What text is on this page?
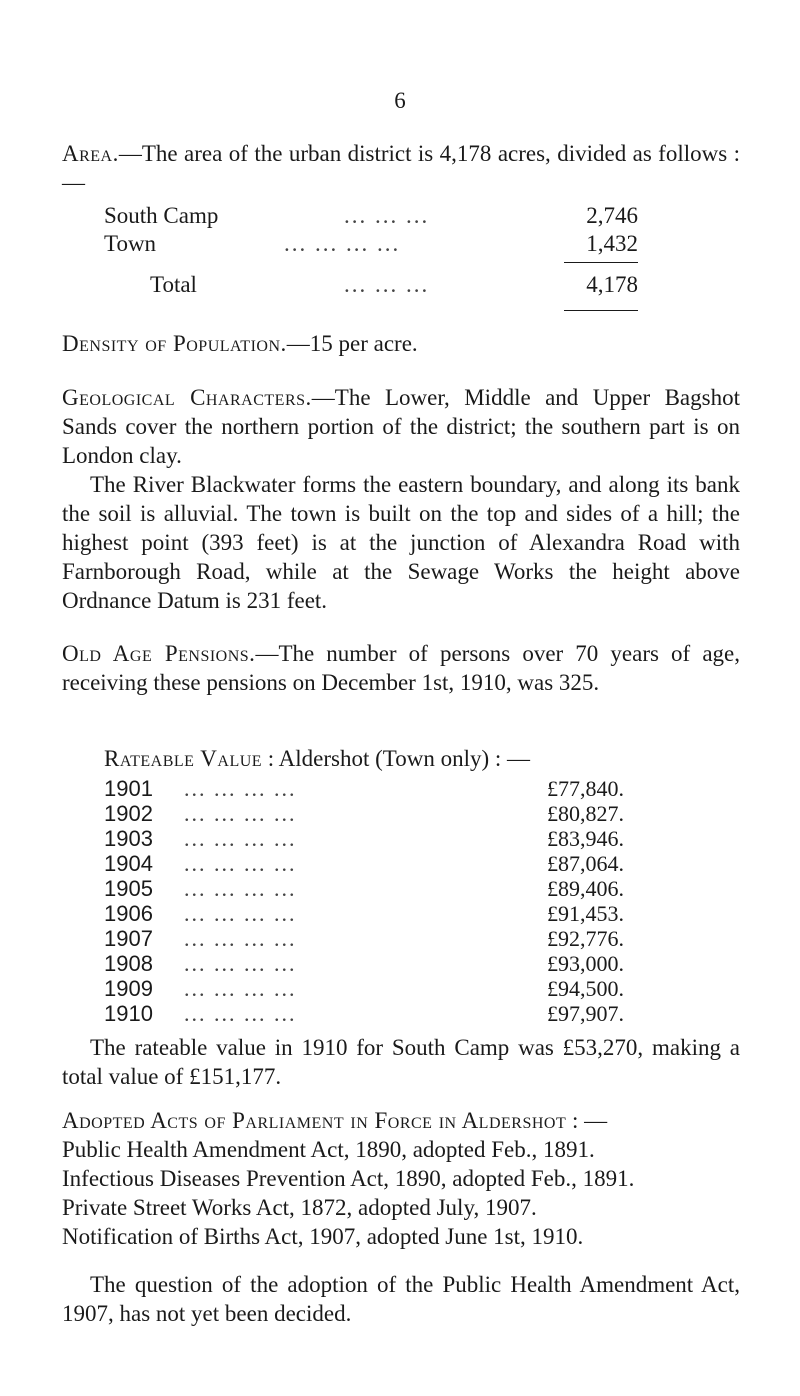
6
Area.—The area of the urban district is 4,178 acres, divided as follows : —
South Camp	... ... ...	2,746
Town	... ... ... ...	1,432
Total	... ... ...	4,178
Density of Population.—15 per acre.
Geological Characters.—The Lower, Middle and Upper Bagshot Sands cover the northern portion of the district; the southern part is on London clay.
The River Blackwater forms the eastern boundary, and along its bank the soil is alluvial. The town is built on the top and sides of a hill; the highest point (393 feet) is at the junction of Alexandra Road with Farnborough Road, while at the Sewage Works the height above Ordnance Datum is 231 feet.
Old Age Pensions.—The number of persons over 70 years of age, receiving these pensions on December 1st, 1910, was 325.
Rateable Value : Aldershot (Town only) : —
1901 ... ... ... ...	£77,840.
1902 ... ... ... ...	£80,827.
1903 ... ... ... ...	£83,946.
1904 ... ... ... ...	£87,064.
1905 ... ... ... ...	£89,406.
1906 ... ... ... ...	£91,453.
1907 ... ... ... ...	£92,776.
1908 ... ... ... ...	£93,000.
1909 ... ... ... ...	£94,500.
1910 ... ... ... ...	£97,907.
The rateable value in 1910 for South Camp was £53,270, making a total value of £151,177.
Adopted Acts of Parliament in Force in Aldershot : —
Public Health Amendment Act, 1890, adopted Feb., 1891.
Infectious Diseases Prevention Act, 1890, adopted Feb., 1891.
Private Street Works Act, 1872, adopted July, 1907.
Notification of Births Act, 1907, adopted June 1st, 1910.
The question of the adoption of the Public Health Amendment Act, 1907, has not yet been decided.
